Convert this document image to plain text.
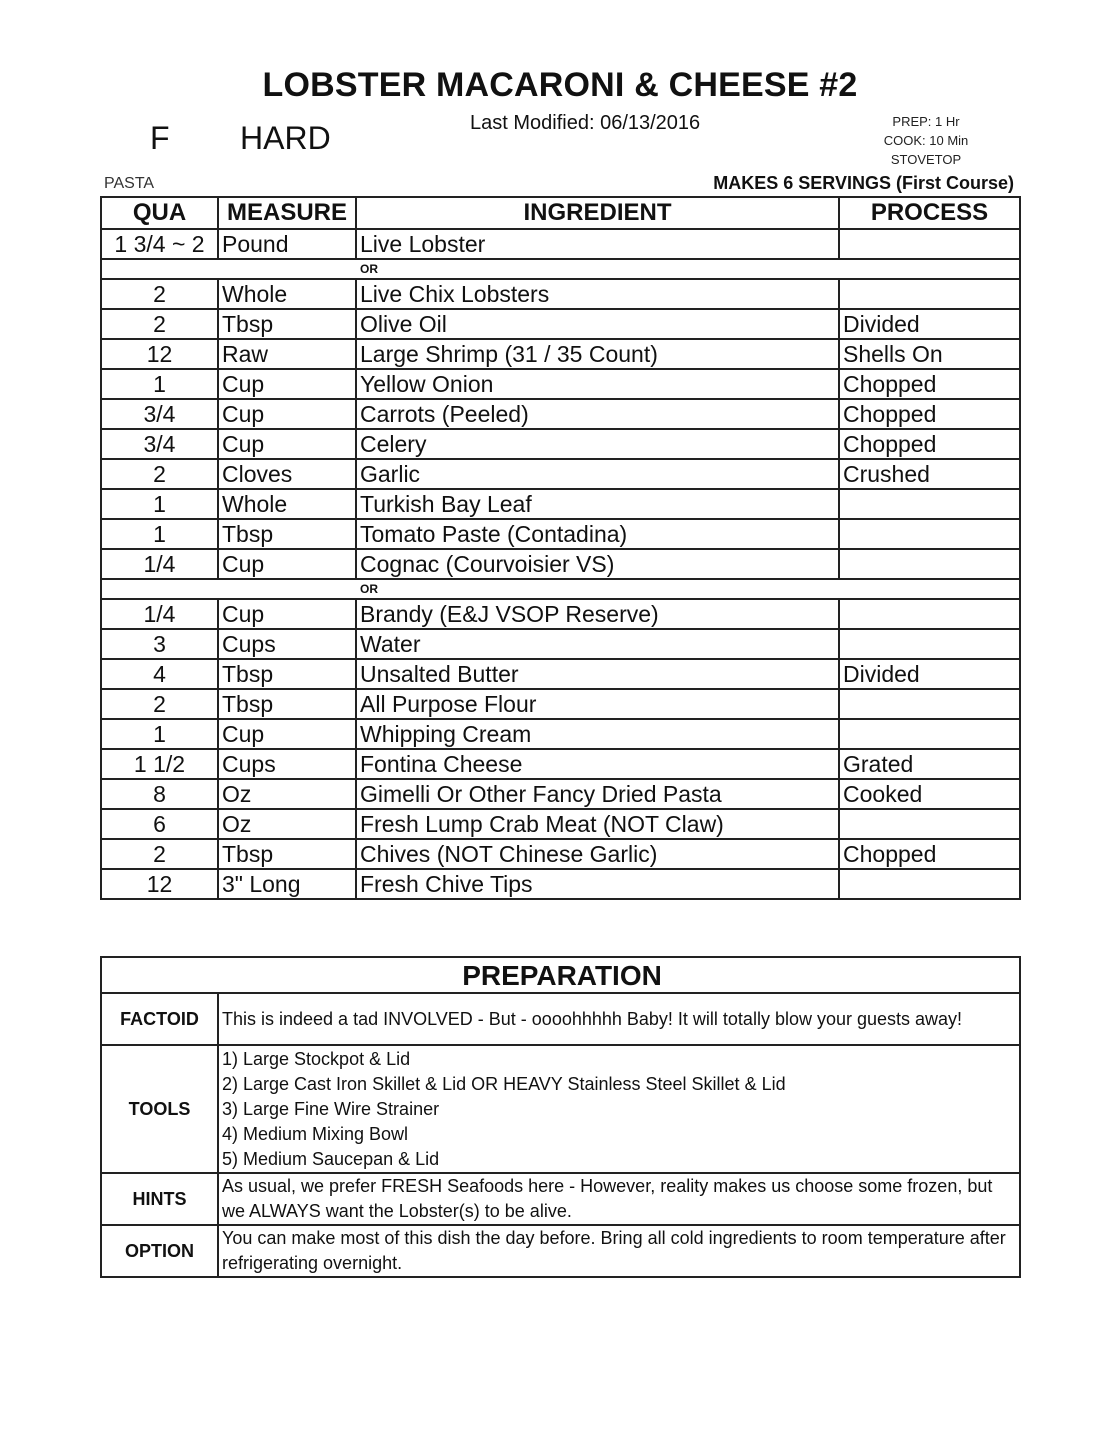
LOBSTER MACARONI & CHEESE #2
F HARD	Last Modified: 06/13/2016	PREP: 1 Hr
COOK: 10 Min
STOVETOP
PASTA	MAKES 6 SERVINGS (First Course)
QUA	MEASURE	INGREDIENT	PROCESS
1 3/4 ~ 2	Pound	Live Lobster	
OR			
2	Whole	Live Chix Lobsters	
2	Tbsp	Olive Oil	Divided
12	Raw	Large Shrimp (31 / 35 Count)	Shells On
1	Cup	Yellow Onion	Chopped
3/4	Cup	Carrots (Peeled)	Chopped
3/4	Cup	Celery	Chopped
2	Cloves	Garlic	Crushed
1	Whole	Turkish Bay Leaf	
1	Tbsp	Tomato Paste (Contadina)	
1/4	Cup	Cognac (Courvoisier VS)	
OR			
1/4	Cup	Brandy (E&J VSOP Reserve)	
3	Cups	Water	
4	Tbsp	Unsalted Butter	Divided
2	Tbsp	All Purpose Flour	
1	Cup	Whipping Cream	
1 1/2	Cups	Fontina Cheese	Grated
8	Oz	Gimelli Or Other Fancy Dried Pasta	Cooked
6	Oz	Fresh Lump Crab Meat (NOT Claw)	
2	Tbsp	Chives (NOT Chinese Garlic)	Chopped
12	3" Long	Fresh Chive Tips	
PREPARATION	
FACTOID	This is indeed a tad INVOLVED - But - oooohhhhh Baby! It will totally blow your guests away!
TOOLS	1) Large Stockpot & Lid
2) Large Cast Iron Skillet & Lid OR HEAVY Stainless Steel Skillet & Lid
3) Large Fine Wire Strainer
4) Medium Mixing Bowl
5) Medium Saucepan & Lid

HINTS	As usual, we prefer FRESH Seafoods here - However, reality makes us choose some frozen, but we ALWAYS want the Lobster(s) to be alive.
OPTION	You can make most of this dish the day before. Bring all cold ingredients to room temperature after refrigerating overnight.
